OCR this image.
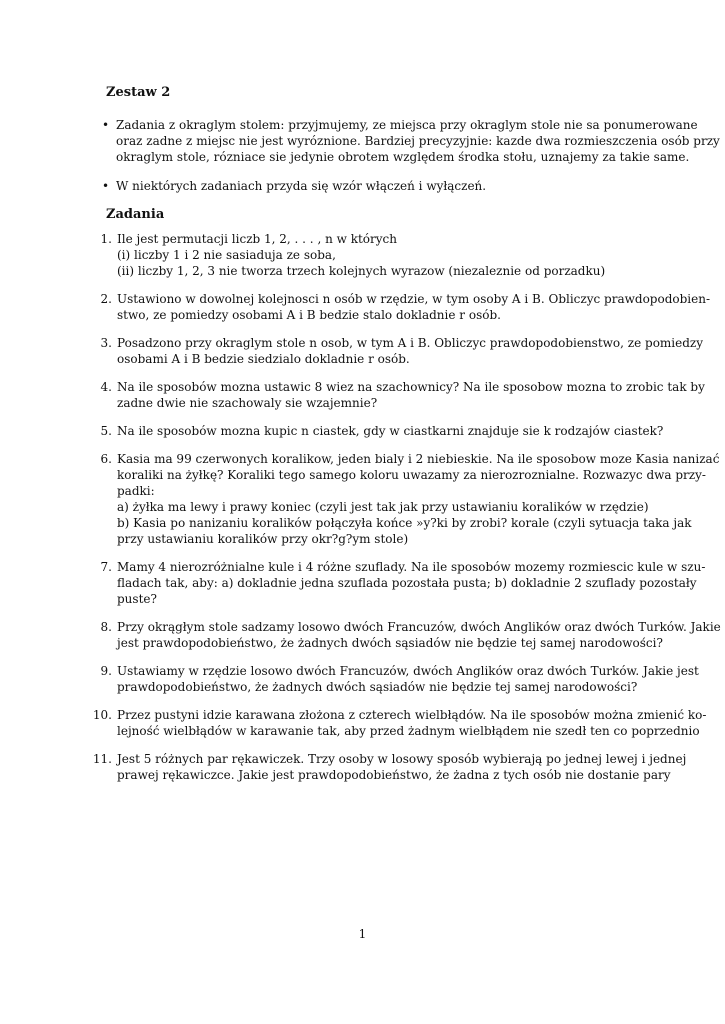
Zestaw 2
• Zadania z okraglym stolem: przyjmujemy, ze miejsca przy okraglym stole nie sa ponumerowane
oraz zadne z miejsc nie jest wyróznione. Bardziej precyzyjnie: kazde dwa rozmieszczenia osób przy
okraglym stole, rózniace sie jedynie obrotem względem środka stołu, uznajemy za takie same.
• W niektórych zadaniach przyda się wzór włączeń i wyłączeń.
Zadania
1. Ile jest permutacji liczb 1, 2, . . . , n w których
(i) liczby 1 i 2 nie sasiaduja ze soba,
(ii) liczby 1, 2, 3 nie tworza trzech kolejnych wyrazow (niezaleznie od porzadku)
2. Ustawiono w dowolnej kolejnosci n osób w rzędzie, w tym osoby A i B. Obliczyc prawdopodobien-
stwo, ze pomiedzy osobami A i B bedzie stalo dokladnie r osób.
3. Posadzono przy okraglym stole n osob, w tym A i B. Obliczyc prawdopodobienstwo, ze pomiedzy
osobami A i B bedzie siedzialo dokladnie r osób.
4. Na ile sposobów mozna ustawic 8 wiez na szachownicy? Na ile sposobow mozna to zrobic tak by
zadne dwie nie szachowaly sie wzajemnie?
5. Na ile sposobów mozna kupic n ciastek, gdy w ciastkarni znajduje sie k rodzajów ciastek?
6. Kasia ma 99 czerwonych koralikow, jeden bialy i 2 niebieskie. Na ile sposobow moze Kasia nanizać
koraliki na żyłkę? Koraliki tego samego koloru uwazamy za nierozroznialne. Rozwazyc dwa przy-
padki:
a) żyłka ma lewy i prawy koniec (czyli jest tak jak przy ustawianiu koralików w rzędzie)
b) Kasia po nanizaniu koralików połączyła końce »y?ki by zrobi? korale (czyli sytuacja taka jak
przy ustawianiu koralików przy okr?g?ym stole)
7. Mamy 4 nierozróżnialne kule i 4 różne szuflady. Na ile sposobów mozemy rozmiescic kule w szu-
fladach tak, aby: a) dokladnie jedna szuflada pozostała pusta; b) dokladnie 2 szuflady pozostały
puste?
8. Przy okrągłym stole sadzamy losowo dwóch Francuzów, dwóch Anglików oraz dwóch Turków. Jakie
jest prawdopodobieństwo, że żadnych dwóch sąsiadów nie będzie tej samej narodowości?
9. Ustawiamy w rzędzie losowo dwóch Francuzów, dwóch Anglików oraz dwóch Turków. Jakie jest
prawdopodobieństwo, że żadnych dwóch sąsiadów nie będzie tej samej narodowości?
10. Przez pustyni idzie karawana złożona z czterech wielbłądów. Na ile sposobów można zmienić ko-
lejność wielbłądów w karawanie tak, aby przed żadnym wielbłądem nie szedł ten co poprzednio
11. Jest 5 różnych par rękawiczek. Trzy osoby w losowy sposób wybierają po jednej lewej i jednej
prawej rękawiczce. Jakie jest prawdopodobieństwo, że żadna z tych osób nie dostanie pary
1
